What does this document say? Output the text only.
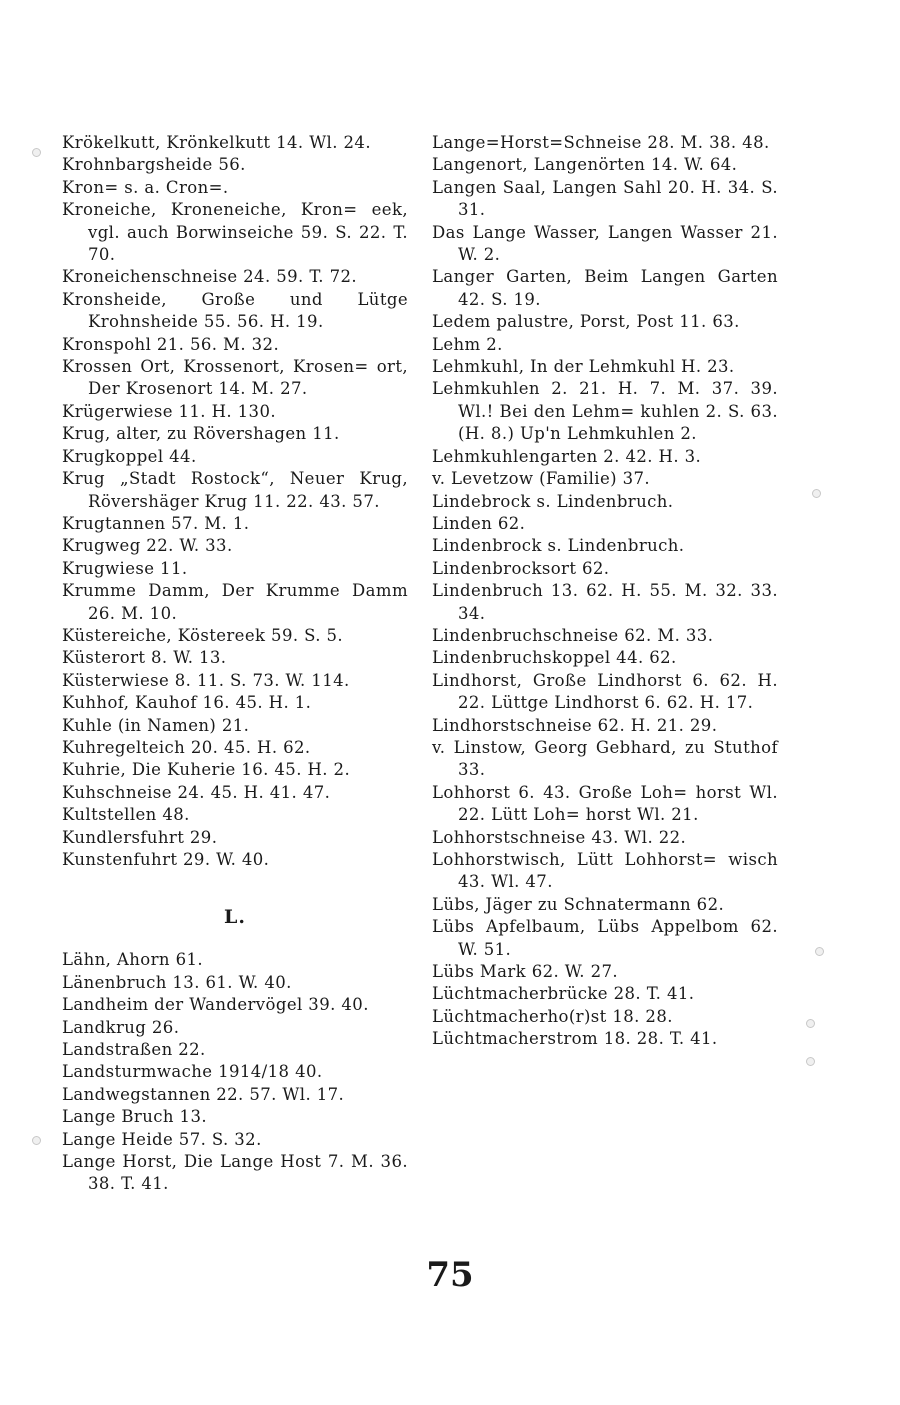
Krökelkutt, Krönkelkutt 14. Wl. 24.

Krohnbargsheide 56.

Kron= s. a. Cron=.

Kroneiche, Kroneneiche, Kron= eek, vgl. auch Borwinseiche 59. S. 22. T. 70.

Kroneichenschneise 24. 59. T. 72.

Kronsheide, Große und Lütge Krohnsheide 55. 56. H. 19.

Kronspohl 21. 56. M. 32.

Krossen Ort, Krossenort, Krosen= ort, Der Krosenort 14. M. 27.

Krügerwiese 11. H. 130.

Krug, alter, zu Rövershagen 11.

Krugkoppel 44.

Krug „Stadt Rostock“, Neuer Krug, Rövershäger Krug 11. 22. 43. 57.

Krugtannen 57. M. 1.

Krugweg 22. W. 33.

Krugwiese 11.

Krumme Damm, Der Krumme Damm 26. M. 10.

Küstereiche, Köstereek 59. S. 5.

Küsterort 8. W. 13.

Küsterwiese 8. 11. S. 73. W. 114.

Kuhhof, Kauhof 16. 45. H. 1.

Kuhle (in Namen) 21.

Kuhregelteich 20. 45. H. 62.

Kuhrie, Die Kuherie 16. 45. H. 2.

Kuhschneise 24. 45. H. 41. 47.

Kultstellen 48.

Kundlersfuhrt 29.

Kunstenfuhrt 29. W. 40.

L.

Lähn, Ahorn 61.

Länenbruch 13. 61. W. 40.

Landheim der Wandervögel 39. 40.

Landkrug 26.

Landstraßen 22.

Landsturmwache 1914/18 40.

Landwegstannen 22. 57. Wl. 17.

Lange Bruch 13.

Lange Heide 57. S. 32.

Lange Horst, Die Lange Host 7. M. 36. 38. T. 41.

Lange=Horst=Schneise 28. M. 38. 48.

Langenort, Langenörten 14. W. 64.

Langen Saal, Langen Sahl 20. H. 34. S. 31.

Das Lange Wasser, Langen Wasser 21. W. 2.

Langer Garten, Beim Langen Garten 42. S. 19.

Ledem palustre, Porst, Post 11. 63.

Lehm 2.

Lehmkuhl, In der Lehmkuhl H. 23.

Lehmkuhlen 2. 21. H. 7. M. 37. 39. Wl.! Bei den Lehm= kuhlen 2. S. 63. (H. 8.) Up'n Lehmkuhlen 2.

Lehmkuhlengarten 2. 42. H. 3.

v. Levetzow (Familie) 37.

Lindebrock s. Lindenbruch.

Linden 62.

Lindenbrock s. Lindenbruch.

Lindenbrocksort 62.

Lindenbruch 13. 62. H. 55. M. 32. 33. 34.

Lindenbruchschneise 62. M. 33.

Lindenbruchskoppel 44. 62.

Lindhorst, Große Lindhorst 6. 62. H. 22. Lüttge Lindhorst 6. 62. H. 17.

Lindhorstschneise 62. H. 21. 29.

v. Linstow, Georg Gebhard, zu Stuthof 33.

Lohhorst 6. 43. Große Loh= horst Wl. 22. Lütt Loh= horst Wl. 21.

Lohhorstschneise 43. Wl. 22.

Lohhorstwisch, Lütt Lohhorst= wisch 43. Wl. 47.

Lübs, Jäger zu Schnatermann 62.

Lübs Apfelbaum, Lübs Appelbom 62. W. 51.

Lübs Mark 62. W. 27.

Lüchtmacherbrücke 28. T. 41.

Lüchtmacherho(r)st 18. 28.

Lüchtmacherstrom 18. 28. T. 41.

75
